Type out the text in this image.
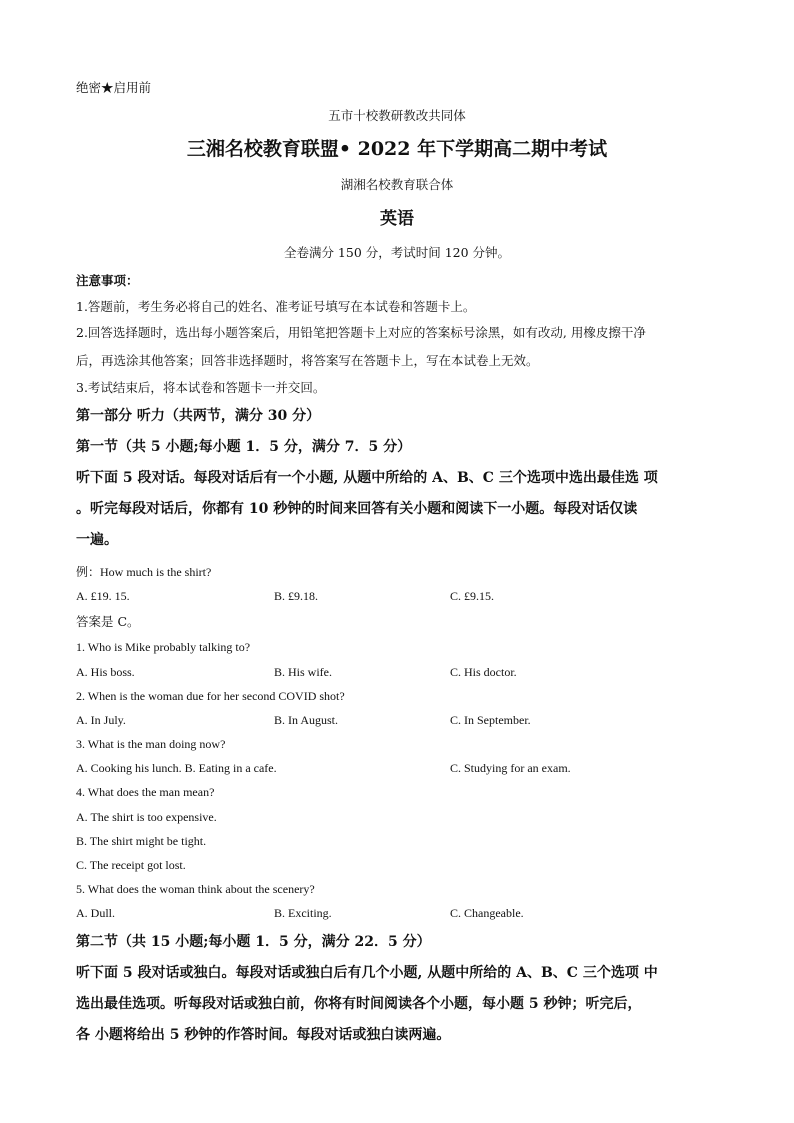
绝密★启用前
五市十校教研教改共同体
三湘名校教育联盟• 2022 年下学期高二期中考试
湖湘名校教育联合体
英语
全卷满分 150 分，考试时间 120 分钟。
注意事项：
1.答题前，考生务必将自己的姓名、准考证号填写在本试卷和答题卡上。
2.回答选择题时，选出每小题答案后，用铅笔把答题卡上对应的答案标号涂黑，如有改动, 用橡皮擦干净
后，再选涂其他答案；回答非选择题时，将答案写在答题卡上，写在本试卷上无效。
3.考试结束后，将本试卷和答题卡一并交回。
第一部分 听力（共两节，满分 30 分）
第一节（共 5 小题;每小题 1．5 分，满分 7．5 分）
听下面 5 段对话。每段对话后有一个小题, 从题中所给的 A、B、C 三个选项中选出最佳选 项
。听完每段对话后，你都有 10 秒钟的时间来回答有关小题和阅读下一小题。每段对话仅读
一遍。
例：How much is the shirt?
A. £19. 15.	B. £9.18.	C. £9.15.
答案是 C。
1. Who is Mike probably talking to?
A. His boss.	B. His wife.	C. His doctor.
2. When is the woman due for her second COVID shot?
A. In July.	B. In August.	C. In September.
3. What is the man doing now?
A. Cooking his lunch. B. Eating in a cafe.	C. Studying for an exam.
4. What does the man mean?
A. The shirt is too expensive.
B. The shirt might be tight.
C. The receipt got lost.
5. What does the woman think about the scenery?
A. Dull.	B. Exciting.	C. Changeable.
第二节（共 15 小题;每小题 1．5 分，满分 22．5 分）
听下面 5 段对话或独白。每段对话或独白后有几个小题, 从题中所给的 A、B、C 三个选项 中
选出最佳选项。听每段对话或独白前，你将有时间阅读各个小题，每小题 5 秒钟；听完后，
各 小题将给出 5 秒钟的作答时间。每段对话或独白读两遍。
